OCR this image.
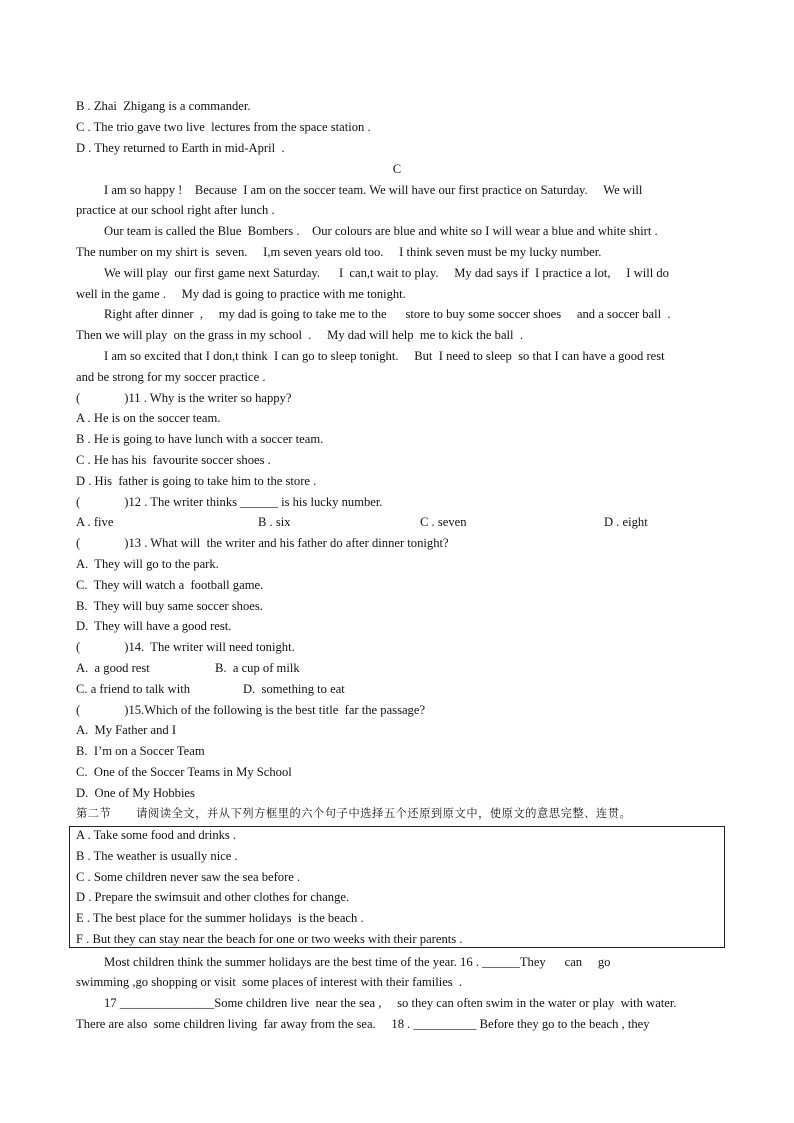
B . Zhai  Zhigang is a commander.
C . The trio gave two live  lectures from the space station .
D . They returned to Earth in mid-April  .
C
I am so happy !    Because  I am on the soccer team. We will have our first practice on Saturday.     We will
practice at our school right after lunch .
Our team is called the Blue  Bombers .    Our colours are blue and white so I will wear a blue and white shirt .
The number on my shirt is  seven.     I,m seven years old too.     I think seven must be my lucky number.
We will play  our first game next Saturday.      I  can,t wait to play.     My dad says if  I practice a lot,     I will do
well in the game .     My dad is going to practice with me tonight.
Right after dinner  ,     my dad is going to take me to the      store to buy some soccer shoes     and a soccer ball  .
Then we will play  on the grass in my school  .     My dad will help  me to kick the ball  .
I am so excited that I don,t think  I can go to sleep tonight.     But  I need to sleep  so that I can have a good rest
and be strong for my soccer practice .
(              )11 . Why is the writer so happy?
A . He is on the soccer team.
B . He is going to have lunch with a soccer team.
C . He has his  favourite soccer shoes .
D . His  father is going to take him to the store .
(              )12 . The writer thinks ______ is his lucky number.
A . five	B . six	C . seven	D . eight
(              )13 . What will  the writer and his father do after dinner tonight?
A.  They will go to the park.
C.  They will watch a  football game.
B.  They will buy same soccer shoes.
D.  They will have a good rest.
(              )14.  The writer will need tonight.
A.  a good rest	B.  a cup of milk
C. a friend to talk with	D.  something to eat
(              )15.Which of the following is the best title  far the passage?
A.  My Father and I
B.  I’m on a Soccer Team
C.  One of the Soccer Teams in My School
D.  One of My Hobbies
第二节      请阅读全文，并从下列方框里的六个句子中选择五个还原到原文中，使原文的意思完整、连贯。
A . Take some food and drinks .
B . The weather is usually nice .
C . Some children never saw the sea before .
D . Prepare the swimsuit and other clothes for change.
E . The best place for the summer holidays  is the beach .
F . But they can stay near the beach for one or two weeks with their parents .
Most children think the summer holidays are the best time of the year. 16 . ______They      can     go
swimming ,go shopping or visit  some places of interest with their families  .
17 _______________Some children live  near the sea ,     so they can often swim in the water or play  with water.
There are also  some children living  far away from the sea.     18 . __________ Before they go to the beach , they
